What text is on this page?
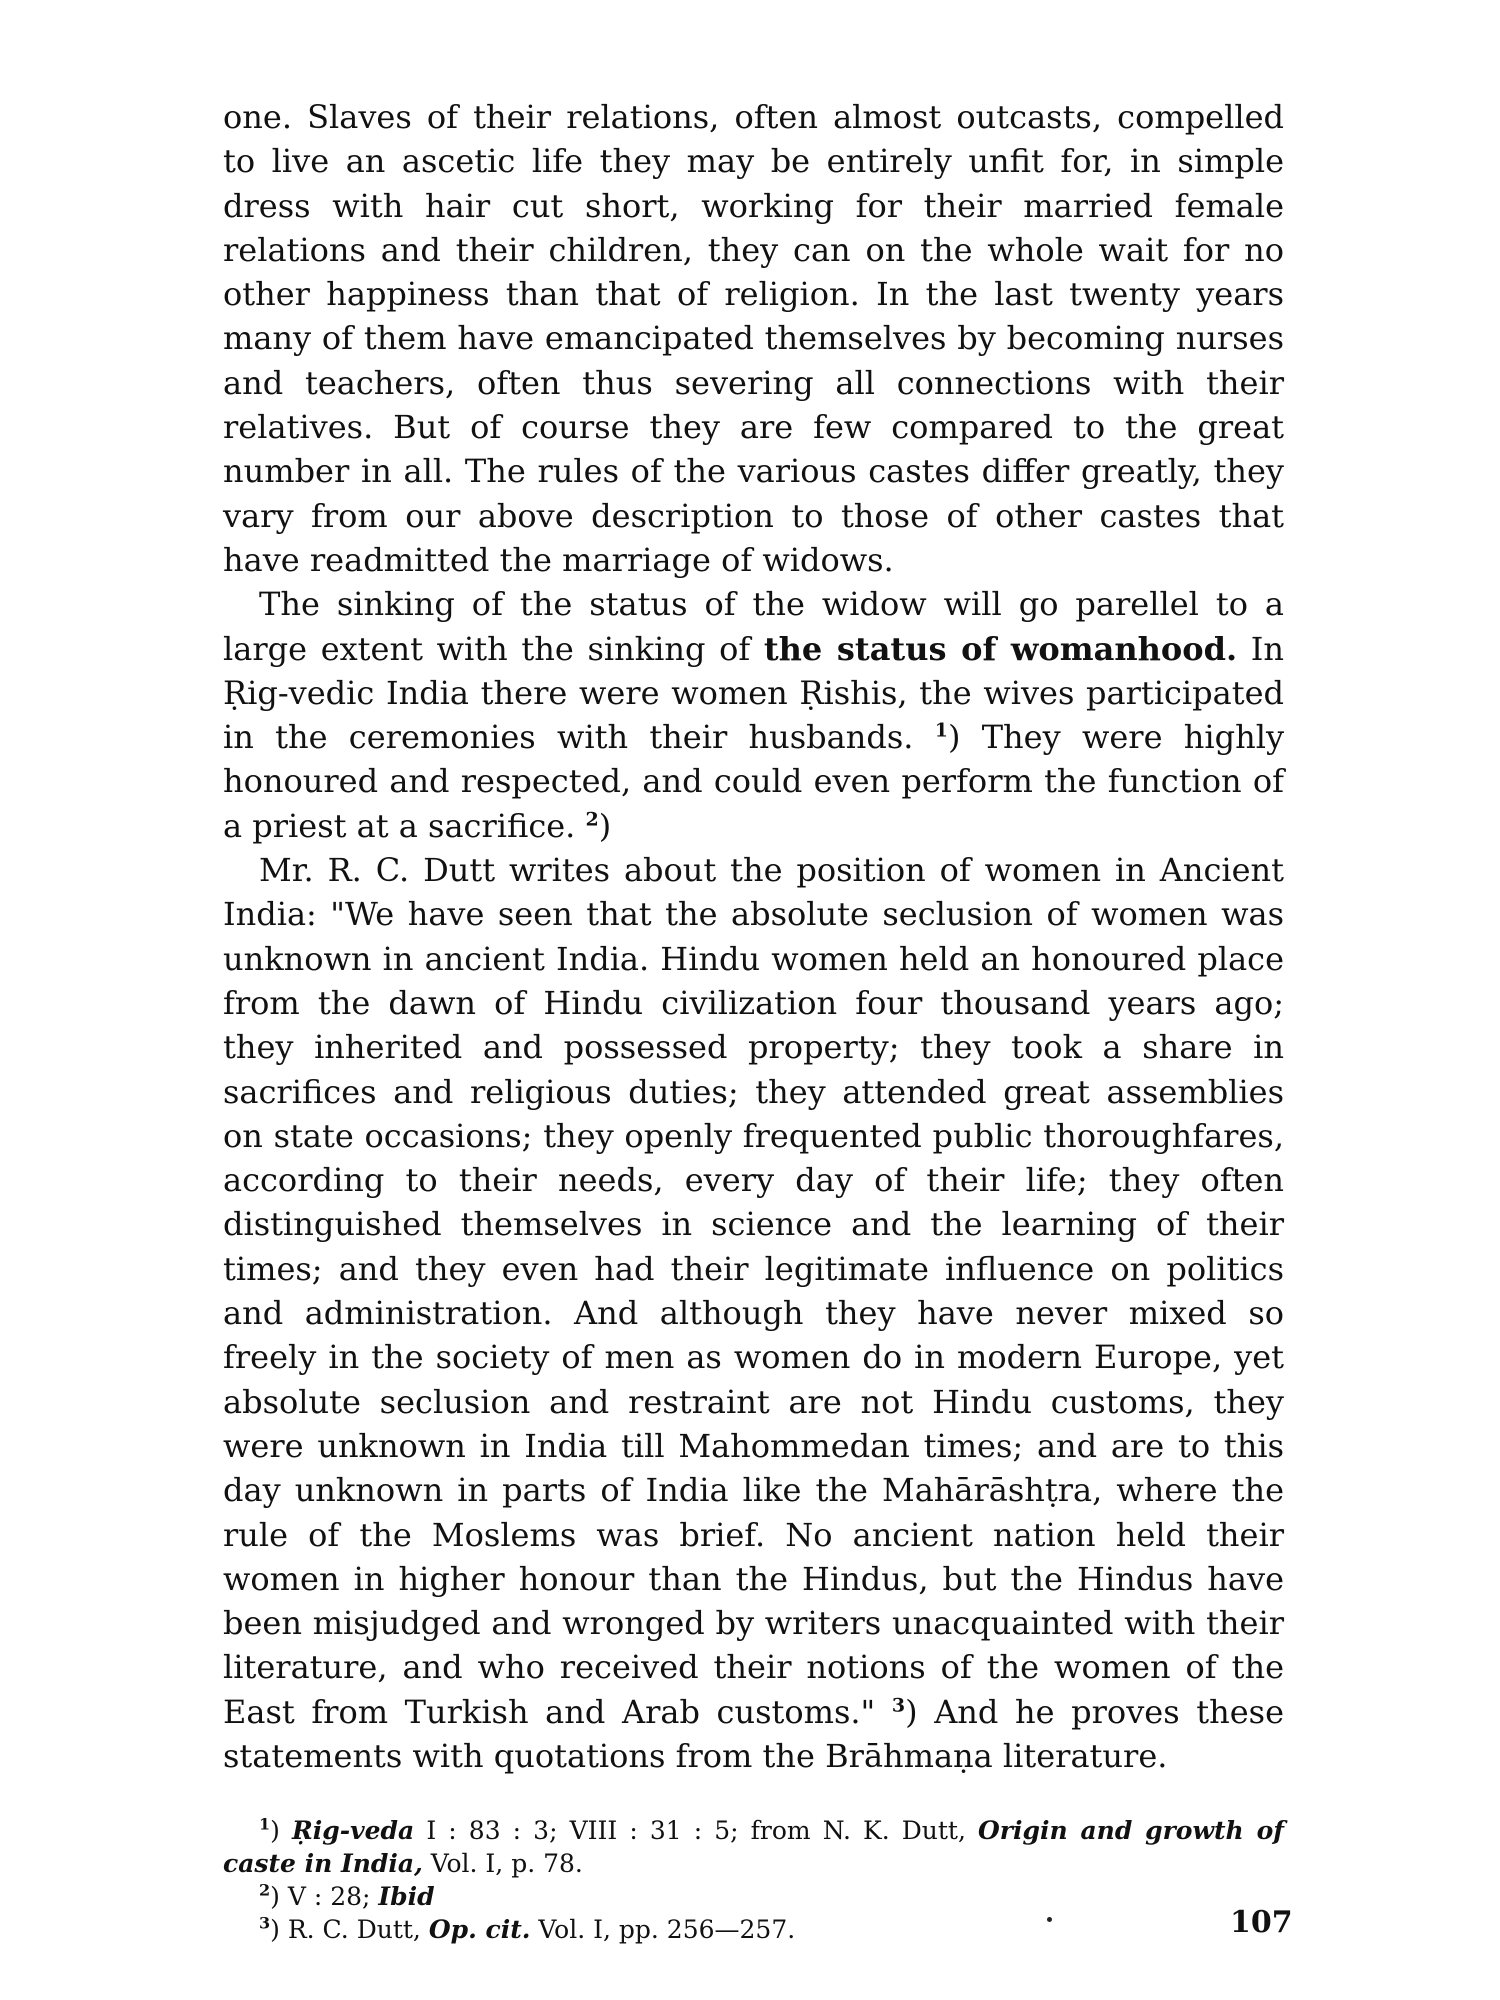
one. Slaves of their relations, often almost outcasts, compelled to live an ascetic life they may be entirely unfit for, in simple dress with hair cut short, working for their married female relations and their children, they can on the whole wait for no other happiness than that of religion. In the last twenty years many of them have emancipated themselves by becoming nurses and teachers, often thus severing all connections with their relatives. But of course they are few compared to the great number in all. The rules of the various castes differ greatly, they vary from our above description to those of other castes that have readmitted the marriage of widows.

The sinking of the status of the widow will go parellel to a large extent with the sinking of the status of womanhood. In Ṛig-vedic India there were women Ṛishis, the wives participated in the ceremonies with their husbands. $^1$) They were highly honoured and respected, and could even perform the function of a priest at a sacrifice. $^2$)

Mr. R. C. Dutt writes about the position of women in Ancient India: "We have seen that the absolute seclusion of women was unknown in ancient India. Hindu women held an honoured place from the dawn of Hindu civilization four thousand years ago; they inherited and possessed property; they took a share in sacrifices and religious duties; they attended great assemblies on state occasions; they openly frequented public thoroughfares, according to their needs, every day of their life; they often distinguished themselves in science and the learning of their times; and they even had their legitimate influence on politics and administration. And although they have never mixed so freely in the society of men as women do in modern Europe, yet absolute seclusion and restraint are not Hindu customs, they were unknown in India till Mahommedan times; and are to this day unknown in parts of India like the Mahārāshṭra, where the rule of the Moslems was brief. No ancient nation held their women in higher honour than the Hindus, but the Hindus have been misjudged and wronged by writers unacquainted with their literature, and who received their notions of the women of the East from Turkish and Arab customs." $^3$) And he proves these statements with quotations from the Brāhmaṇa literature.

$^1$) Ṛig-veda I : 83 : 3; VIII : 31 : 5; from N. K. Dutt, Origin and growth of caste in India, Vol. I, p. 78.

$^2$) V : 28; Ibid

$^3$) R. C. Dutt, Op. cit. Vol. I, pp. 256—257.	107
